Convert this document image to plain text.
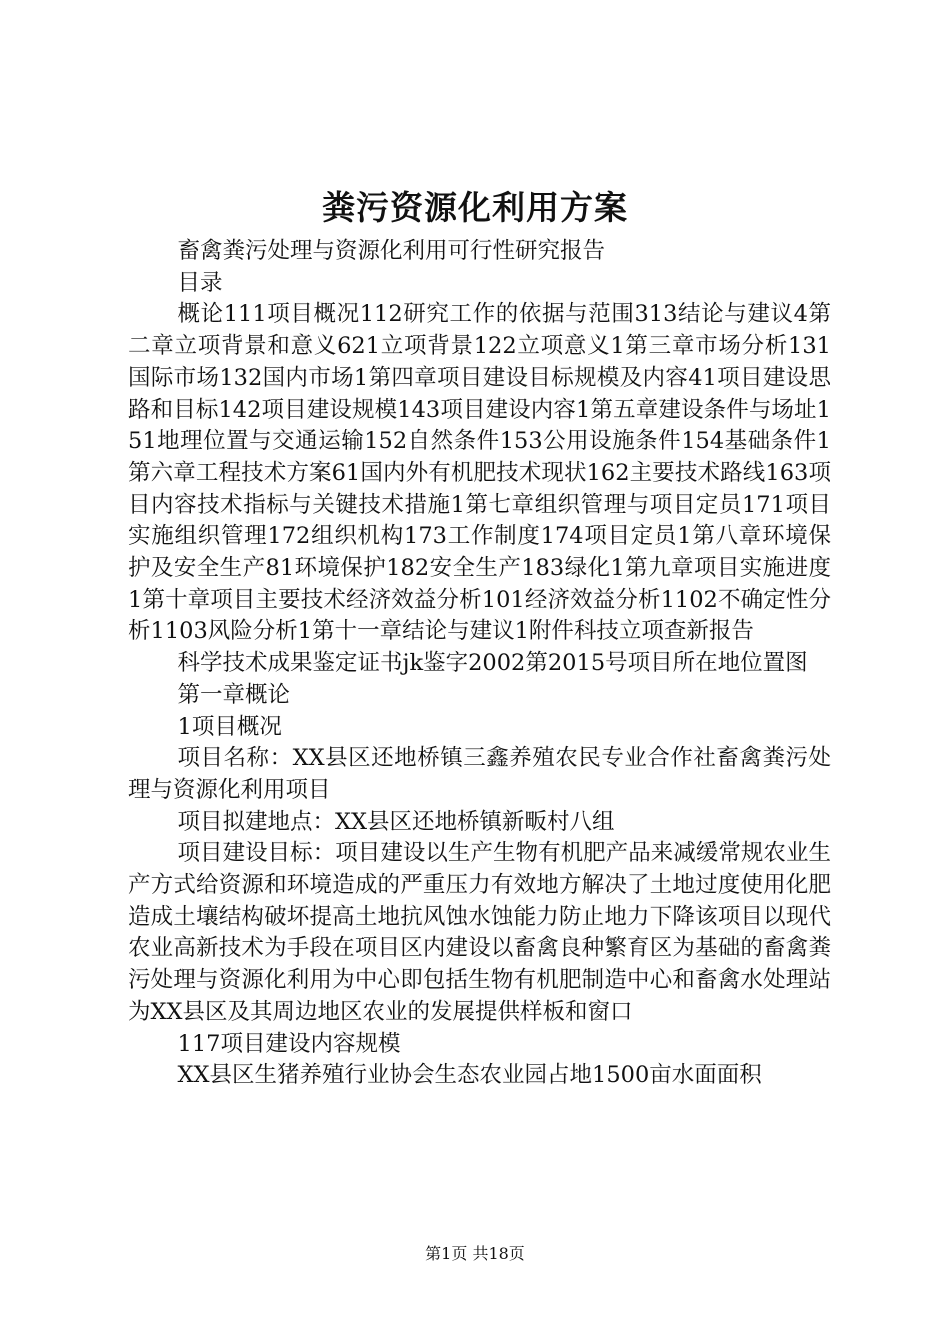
粪污资源化利用方案

畜禽粪污处理与资源化利用可行性研究报告

目录

概论111项目概况112研究工作的依据与范围313结论与建议4第二章立项背景和意义621立项背景122立项意义1第三章市场分析131国际市场132国内市场1第四章项目建设目标规模及内容41项目建设思路和目标142项目建设规模143项目建设内容1第五章建设条件与场址151地理位置与交通运输152自然条件153公用设施条件154基础条件1第六章工程技术方案61国内外有机肥技术现状162主要技术路线163项目内容技术指标与关键技术措施1第七章组织管理与项目定员171项目实施组织管理172组织机构173工作制度174项目定员1第八章环境保护及安全生产81环境保护182安全生产183绿化1第九章项目实施进度1第十章项目主要技术经济效益分析101经济效益分析1102不确定性分析1103风险分析1第十一章结论与建议1附件科技立项查新报告

科学技术成果鉴定证书jk鉴字2002第2015号项目所在地位置图

第一章概论

1项目概况

项目名称：XX县区还地桥镇三鑫养殖农民专业合作社畜禽粪污处理与资源化利用项目

项目拟建地点：XX县区还地桥镇新畈村八组

项目建设目标：项目建设以生产生物有机肥产品来减缓常规农业生产方式给资源和环境造成的严重压力有效地方解决了土地过度使用化肥造成土壤结构破坏提高土地抗风蚀水蚀能力防止地力下降该项目以现代农业高新技术为手段在项目区内建设以畜禽良种繁育区为基础的畜禽粪污处理与资源化利用为中心即包括生物有机肥制造中心和畜禽水处理站为XX县区及其周边地区农业的发展提供样板和窗口

117项目建设内容规模

XX县区生猪养殖行业协会生态农业园占地1500亩水面面积

第1页 共18页
